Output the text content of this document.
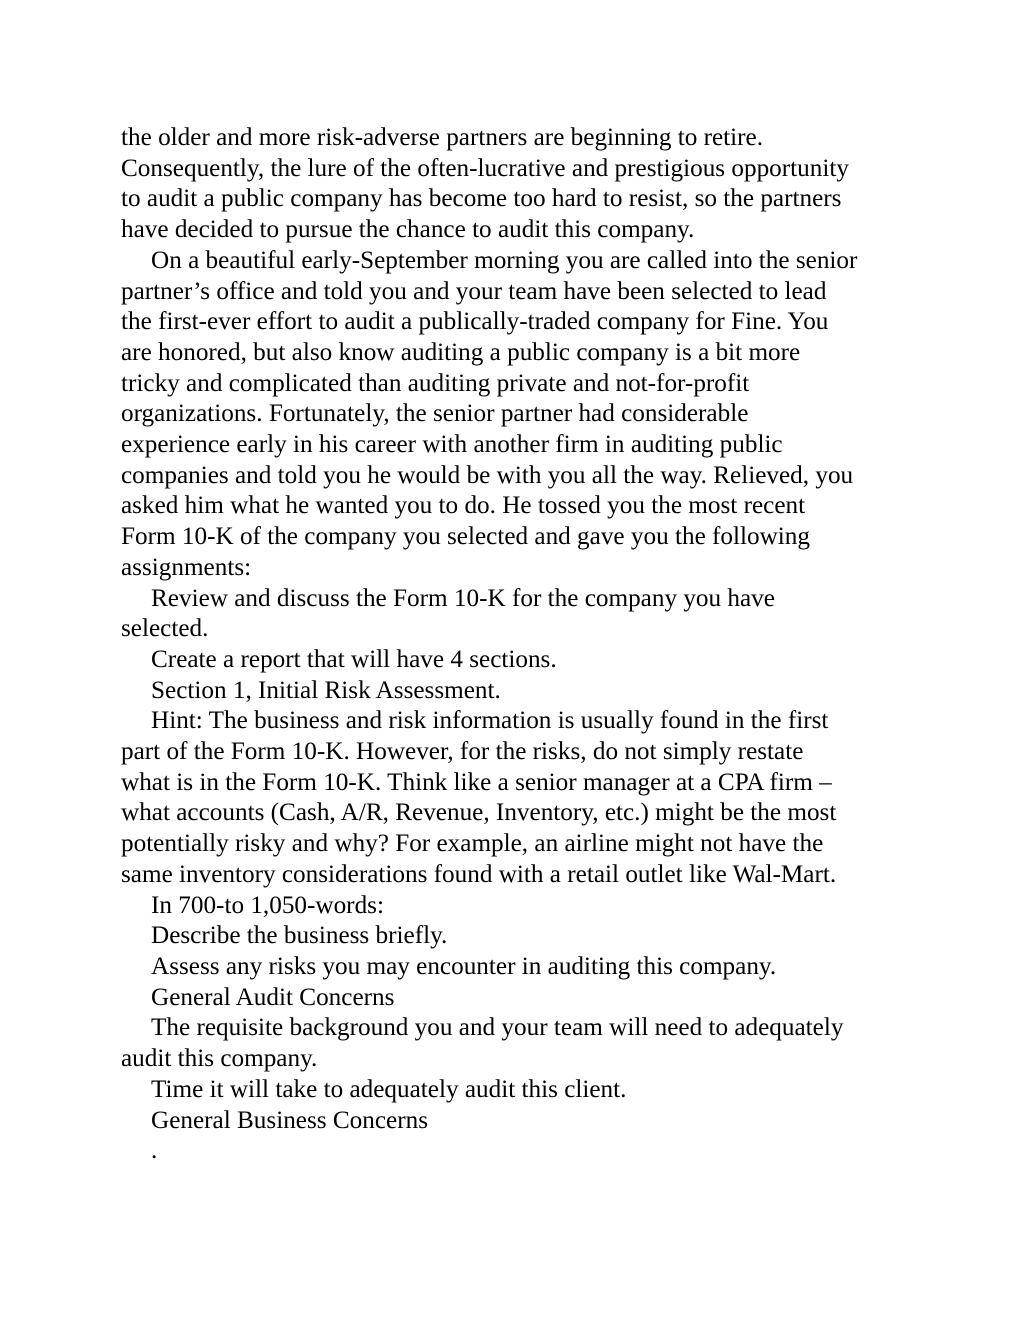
the older and more risk-adverse partners are beginning to retire.
Consequently, the lure of the often-lucrative and prestigious opportunity
to audit a public company has become too hard to resist, so the partners
have decided to pursue the chance to audit this company.

On a beautiful early-September morning you are called into the senior
partner’s office and told you and your team have been selected to lead
the first-ever effort to audit a publically-traded company for Fine. You
are honored, but also know auditing a public company is a bit more
tricky and complicated than auditing private and not-for-profit
organizations. Fortunately, the senior partner had considerable
experience early in his career with another firm in auditing public
companies and told you he would be with you all the way. Relieved, you
asked him what he wanted you to do. He tossed you the most recent
Form 10-K of the company you selected and gave you the following
assignments:

Review and discuss the Form 10-K for the company you have
selected.

Create a report that will have 4 sections.

Section 1, Initial Risk Assessment.

Hint: The business and risk information is usually found in the first
part of the Form 10-K. However, for the risks, do not simply restate
what is in the Form 10-K. Think like a senior manager at a CPA firm –
what accounts (Cash, A/R, Revenue, Inventory, etc.) might be the most
potentially risky and why? For example, an airline might not have the
same inventory considerations found with a retail outlet like Wal-Mart.

In 700-to 1,050-words:

Describe the business briefly.

Assess any risks you may encounter in auditing this company.

General Audit Concerns

The requisite background you and your team will need to adequately
audit this company.

Time it will take to adequately audit this client.

General Business Concerns

.
